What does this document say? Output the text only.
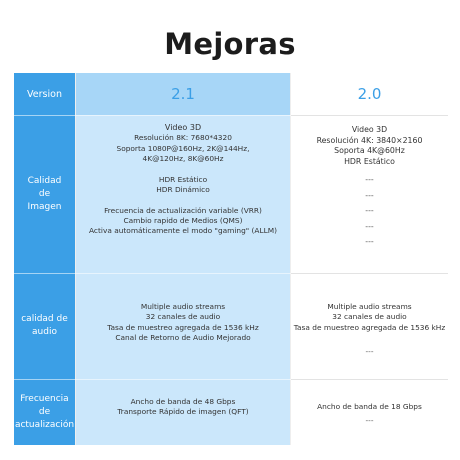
Mejoras
Version	2.1	2.0
Calidad
de
Imagen
Video 3D
Resolución 8K: 7680*4320
Soporta 1080P@160Hz, 2K@144Hz,
4K@120Hz, 8K@60Hz
HDR Estático
HDR Dinámico
Frecuencia de actualización variable (VRR)
Cambio rapido de Medios (QMS)
Activa automáticamente el modo "gaming" (ALLM)
Video 3D
Resolución 4K: 3840×2160
Soporta 4K@60Hz
HDR Estático
---
---
---
---
---
calidad de
audio
Multiple audio streams
32 canales de audio
Tasa de muestreo agregada de 1536 kHz
Canal de Retorno de Audio Mejorado
Multiple audio streams
32 canales de audio
Tasa de muestreo agregada de 1536 kHz
---
Frecuencia de
actualización
Ancho de banda de 48 Gbps
Transporte Rápido de imagen (QFT)
Ancho de banda de 18 Gbps
---
